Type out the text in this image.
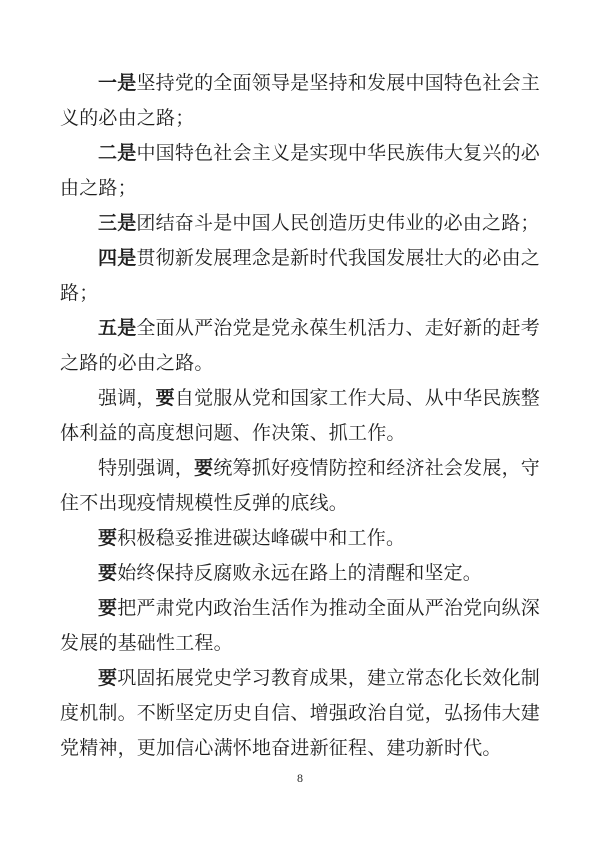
一是坚持党的全面领导是坚持和发展中国特色社会主义的必由之路；

二是中国特色社会主义是实现中华民族伟大复兴的必由之路；

三是团结奋斗是中国人民创造历史伟业的必由之路；

四是贯彻新发展理念是新时代我国发展壮大的必由之路；

五是全面从严治党是党永葆生机活力、走好新的赶考之路的必由之路。

强调，要自觉服从党和国家工作大局、从中华民族整体利益的高度想问题、作决策、抓工作。

特别强调，要统筹抓好疫情防控和经济社会发展，守住不出现疫情规模性反弹的底线。

要积极稳妥推进碳达峰碳中和工作。

要始终保持反腐败永远在路上的清醒和坚定。

要把严肃党内政治生活作为推动全面从严治党向纵深发展的基础性工程。

要巩固拓展党史学习教育成果，建立常态化长效化制度机制。不断坚定历史自信、增强政治自觉，弘扬伟大建党精神，更加信心满怀地奋进新征程、建功新时代。

8
